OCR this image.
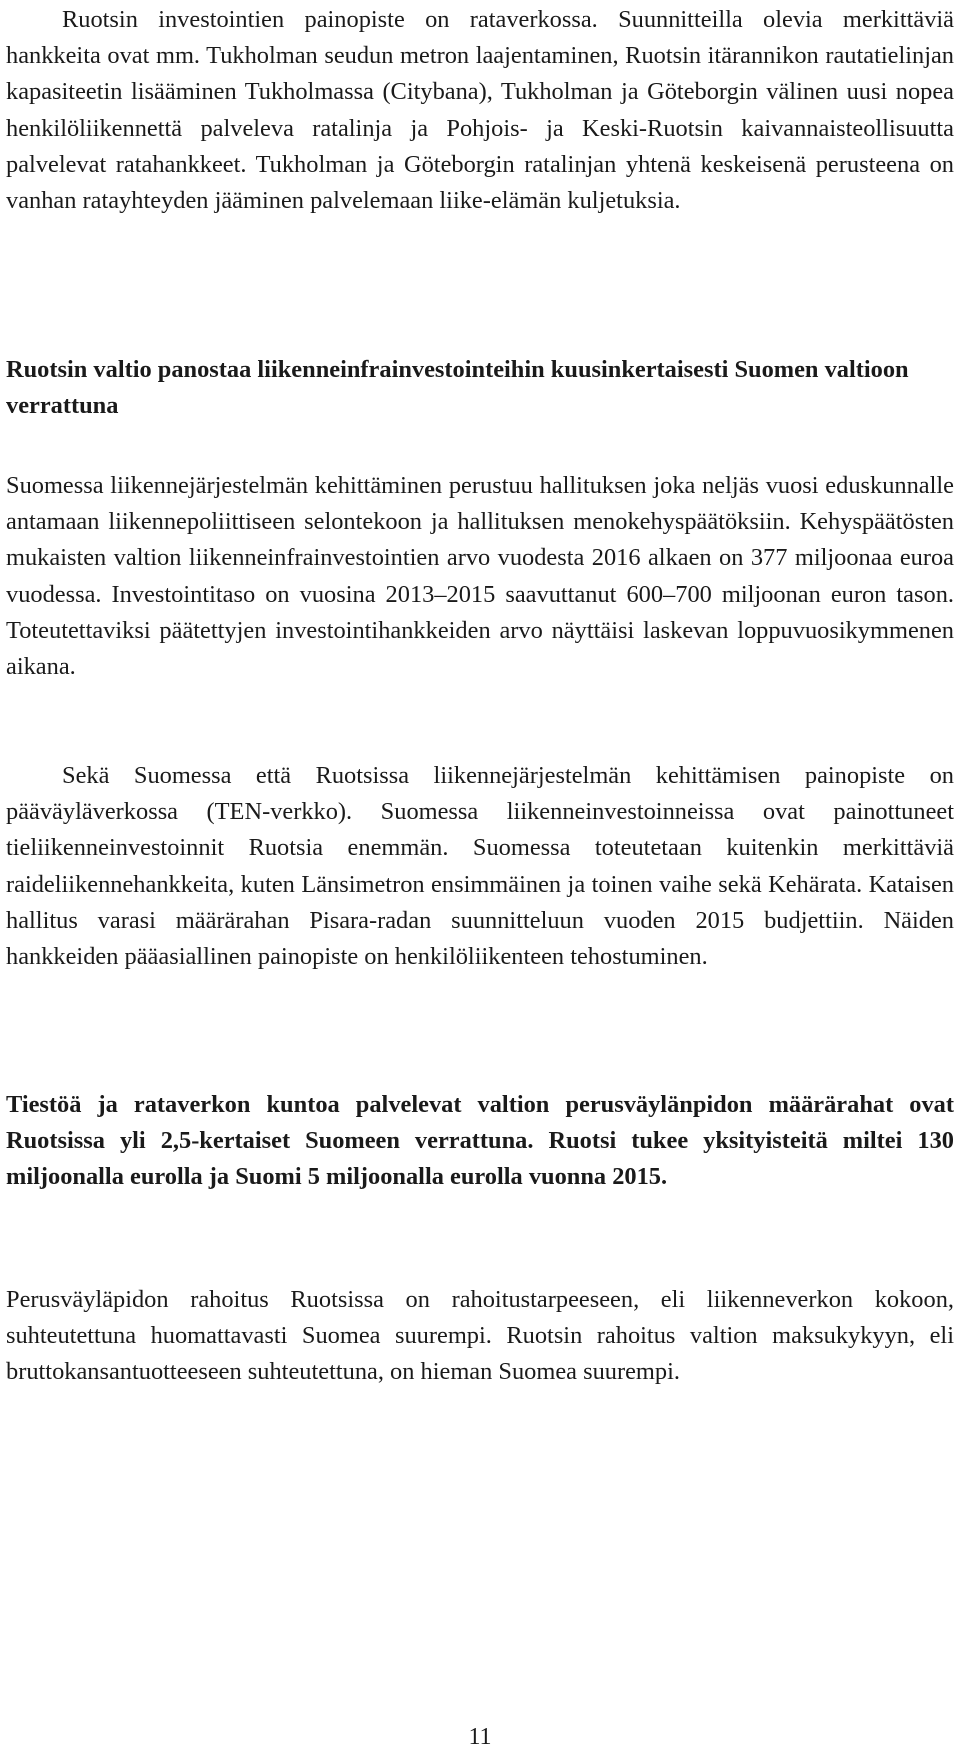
Ruotsin investointien painopiste on rataverkossa. Suunnitteilla olevia merkittäviä hankkeita ovat mm. Tukholman seudun metron laajentaminen, Ruotsin itärannikon rautatielinjan kapasiteetin lisääminen Tukholmassa (Citybana), Tukholman ja Göteborgin välinen uusi nopea henkilöliikennettä palveleva ratalinja ja Pohjois- ja Keski-Ruotsin kaivannaisteollisuutta palvelevat ratahankkeet. Tukholman ja Göteborgin ratalinjan yhtenä keskeisenä perusteena on vanhan ratayhteyden jääminen palvelemaan liike-elämän kuljetuksia.

Ruotsin valtio panostaa liikenneinfrainvestointeihin kuusinkertaisesti Suomen valtioon verrattuna

Suomessa liikennejärjestelmän kehittäminen perustuu hallituksen joka neljäs vuosi eduskunnalle antamaan liikennepoliittiseen selontekoon ja hallituksen menokehyspäätöksiin. Kehyspäätösten mukaisten valtion liikenneinfrainvestointien arvo vuodesta 2016 alkaen on 377 miljoonaa euroa vuodessa. Investointitaso on vuosina 2013–2015 saavuttanut 600–700 miljoonan euron tason. Toteutettaviksi päätettyjen investointihankkeiden arvo näyttäisi laskevan loppuvuosikymmenen aikana.

Sekä Suomessa että Ruotsissa liikennejärjestelmän kehittämisen painopiste on pääväyläverkossa (TEN-verkko). Suomessa liikenneinvestoinneissa ovat painottuneet tieliikenneinvestoinnit Ruotsia enemmän. Suomessa toteutetaan kuitenkin merkittäviä raideliikennehankkeita, kuten Länsimetron ensimmäinen ja toinen vaihe sekä Kehärata. Kataisen hallitus varasi määrärahan Pisara-radan suunnitteluun vuoden 2015 budjettiin. Näiden hankkeiden pääasiallinen painopiste on henkilöliikenteen tehostuminen.

Tiestöä ja rataverkon kuntoa palvelevat valtion perusväylänpidon määrärahat ovat Ruotsissa yli 2,5-kertaiset Suomeen verrattuna. Ruotsi tukee yksityisteitä miltei 130 miljoonalla eurolla ja Suomi 5 miljoonalla eurolla vuonna 2015.

Perusväyläpidon rahoitus Ruotsissa on rahoitustarpeeseen, eli liikenneverkon kokoon, suhteutettuna huomattavasti Suomea suurempi. Ruotsin rahoitus valtion maksukykyyn, eli bruttokansantuotteeseen suhteutettuna, on hieman Suomea suurempi.

11
